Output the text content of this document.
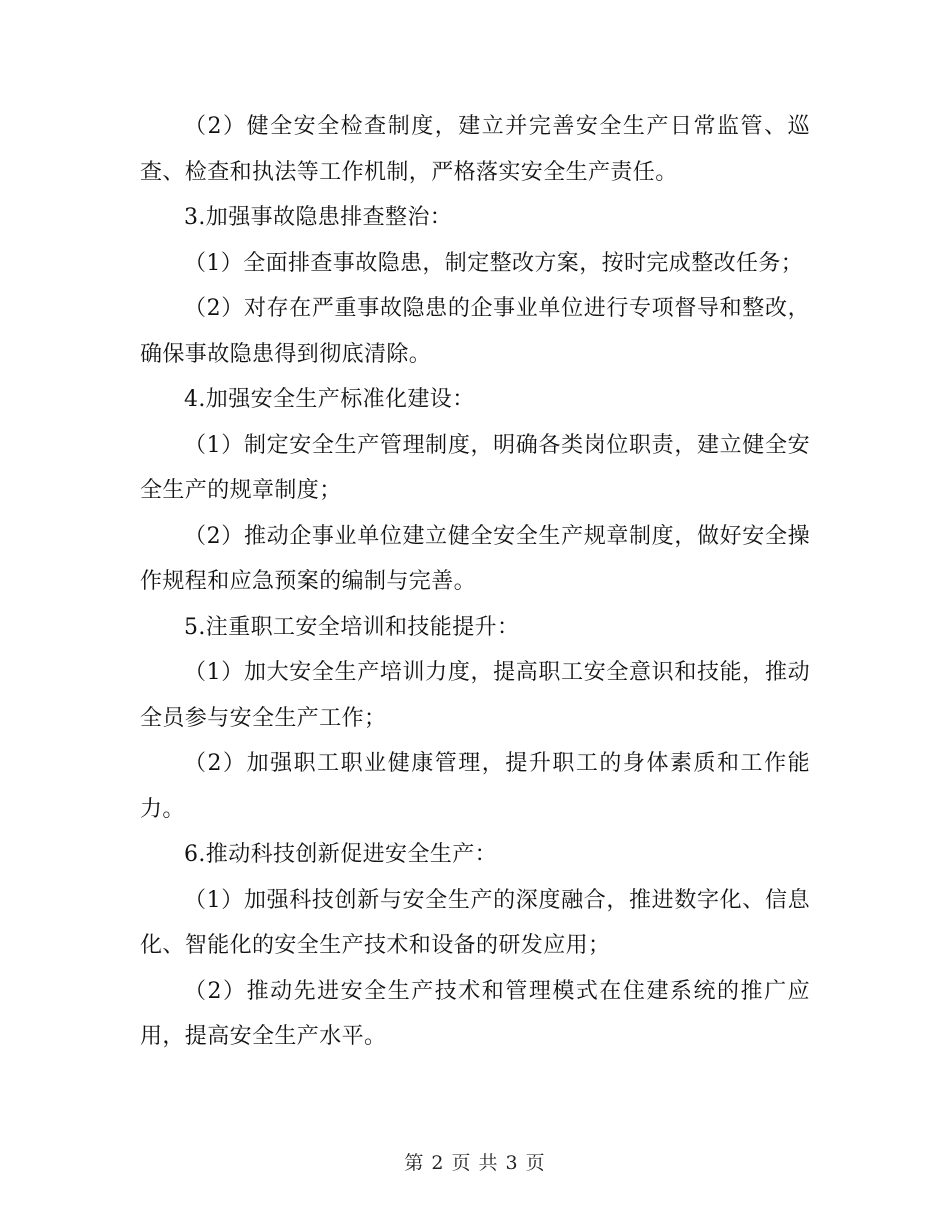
（2）健全安全检查制度，建立并完善安全生产日常监管、巡查、检查和执法等工作机制，严格落实安全生产责任。

3.加强事故隐患排查整治：

（1）全面排查事故隐患，制定整改方案，按时完成整改任务；

（2）对存在严重事故隐患的企事业单位进行专项督导和整改，确保事故隐患得到彻底清除。

4.加强安全生产标准化建设：

（1）制定安全生产管理制度，明确各类岗位职责，建立健全安全生产的规章制度；

（2）推动企事业单位建立健全安全生产规章制度，做好安全操作规程和应急预案的编制与完善。

5.注重职工安全培训和技能提升：

（1）加大安全生产培训力度，提高职工安全意识和技能，推动全员参与安全生产工作；

（2）加强职工职业健康管理，提升职工的身体素质和工作能力。

6.推动科技创新促进安全生产：

（1）加强科技创新与安全生产的深度融合，推进数字化、信息化、智能化的安全生产技术和设备的研发应用；

（2）推动先进安全生产技术和管理模式在住建系统的推广应用，提高安全生产水平。

第 2 页 共 3 页
